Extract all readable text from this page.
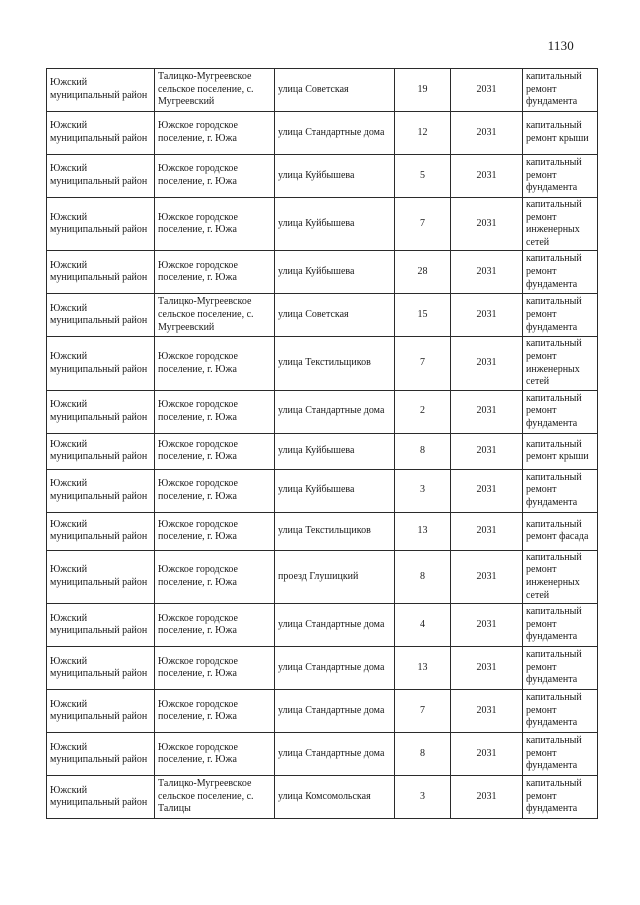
1130
Южский муниципальный район	Талицко-Мугреевское сельское поселение, с. Мугреевский	улица Советская	19	2031	капитальный ремонт фундамента
Южский муниципальный район	Южское городское поселение, г. Южа	улица Стандартные дома	12	2031	капитальный ремонт крыши
Южский муниципальный район	Южское городское поселение, г. Южа	улица Куйбышева	5	2031	капитальный ремонт фундамента
Южский муниципальный район	Южское городское поселение, г. Южа	улица Куйбышева	7	2031	капитальный ремонт инженерных сетей
Южский муниципальный район	Южское городское поселение, г. Южа	улица Куйбышева	28	2031	капитальный ремонт фундамента
Южский муниципальный район	Талицко-Мугреевское сельское поселение, с. Мугреевский	улица Советская	15	2031	капитальный ремонт фундамента
Южский муниципальный район	Южское городское поселение, г. Южа	улица Текстильщиков	7	2031	капитальный ремонт инженерных сетей
Южский муниципальный район	Южское городское поселение, г. Южа	улица Стандартные дома	2	2031	капитальный ремонт фундамента
Южский муниципальный район	Южское городское поселение, г. Южа	улица Куйбышева	8	2031	капитальный ремонт крыши
Южский муниципальный район	Южское городское поселение, г. Южа	улица Куйбышева	3	2031	капитальный ремонт фундамента
Южский муниципальный район	Южское городское поселение, г. Южа	улица Текстильщиков	13	2031	капитальный ремонт фасада
Южский муниципальный район	Южское городское поселение, г. Южа	проезд Глушицкий	8	2031	капитальный ремонт инженерных сетей
Южский муниципальный район	Южское городское поселение, г. Южа	улица Стандартные дома	4	2031	капитальный ремонт фундамента
Южский муниципальный район	Южское городское поселение, г. Южа	улица Стандартные дома	13	2031	капитальный ремонт фундамента
Южский муниципальный район	Южское городское поселение, г. Южа	улица Стандартные дома	7	2031	капитальный ремонт фундамента
Южский муниципальный район	Южское городское поселение, г. Южа	улица Стандартные дома	8	2031	капитальный ремонт фундамента
Южский муниципальный район	Талицко-Мугреевское сельское поселение, с. Талицы	улица Комсомольская	3	2031	капитальный ремонт фундамента
